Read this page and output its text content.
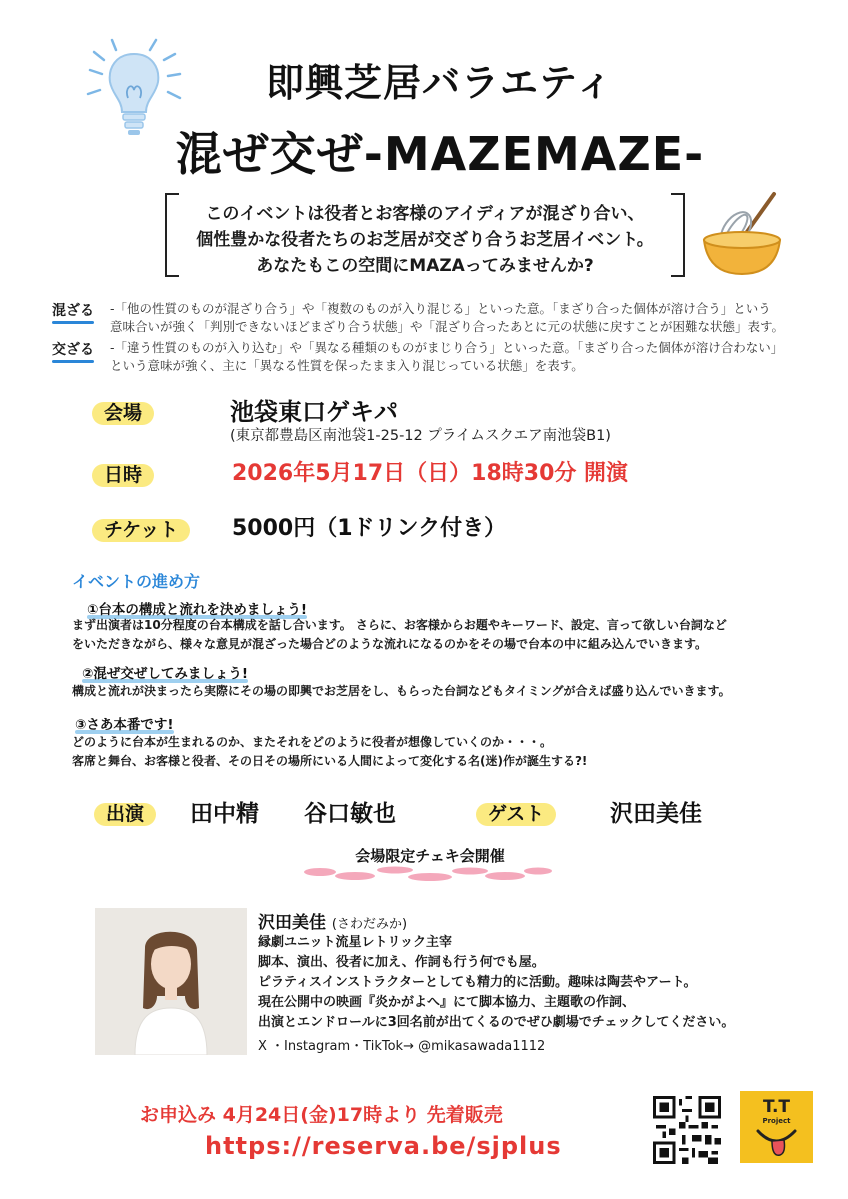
即興芝居バラエティ
混ぜ交ぜ-MAZEMAZE-

このイベントは役者とお客様のアイディアが混ざり合い、

個性豊かな役者たちのお芝居が交ざり合うお芝居イベント。

あなたもこの空間にMAZAってみませんか?

混ざる -「他の性質のものが混ざり合う」や「複数のものが入り混じる」といった意。「まざり合った個体が溶け合う」という
意味合いが強く「判別できないほどまざり合う状態」や「混ざり合ったあとに元の状態に戻すことが困難な状態」表す。
交ざる -「違う性質のものが入り込む」や「異なる種類のものがまじり合う」といった意。「まざり合った個体が溶け合わない」
という意味が強く、主に「異なる性質を保ったまま入り混じっている状態」を表す。
会場	池袋東口ゲキパ
(東京都豊島区南池袋1-25-12 プライムスクエア南池袋B1)
日時	2026年5月17日（日）18時30分 開演
チケット	5000円（1ドリンク付き）
イベントの進め方
①台本の構成と流れを決めましょう!
まず出演者は10分程度の台本構成を話し合います。 さらに、お客様からお題やキーワード、設定、言って欲しい台詞など
をいただきながら、様々な意見が混ざった場合どのような流れになるのかをその場で台本の中に組み込んでいきます。
②混ぜ交ぜしてみましょう!
構成と流れが決まったら実際にその場の即興でお芝居をし、もらった台詞などもタイミングが合えば盛り込んでいきます。
③さあ本番です!
どのように台本が生まれるのか、またそれをどのように役者が想像していくのか・・・。
客席と舞台、お客様と役者、その日その場所にいる人間によって変化する名(迷)作が誕生する?!
出演	田中精 谷口敏也	ゲスト	沢田美佳
会場限定チェキ会開催
沢田美佳 (さわだみか)
縁劇ユニット流星レトリック主宰
脚本、演出、役者に加え、作詞も行う何でも屋。
ピラティスインストラクターとしても精力的に活動。趣味は陶芸やアート。
現在公開中の映画『炎かがよへ』にて脚本協力、主題歌の作詞、
出演とエンドロールに3回名前が出てくるのでぜひ劇場でチェックしてください。
X ・Instagram・TikTok→ @mikasawada1112
お申込み 4月24日(金)17時より 先着販売
https://reserva.be/sjplus
T.T
Project
